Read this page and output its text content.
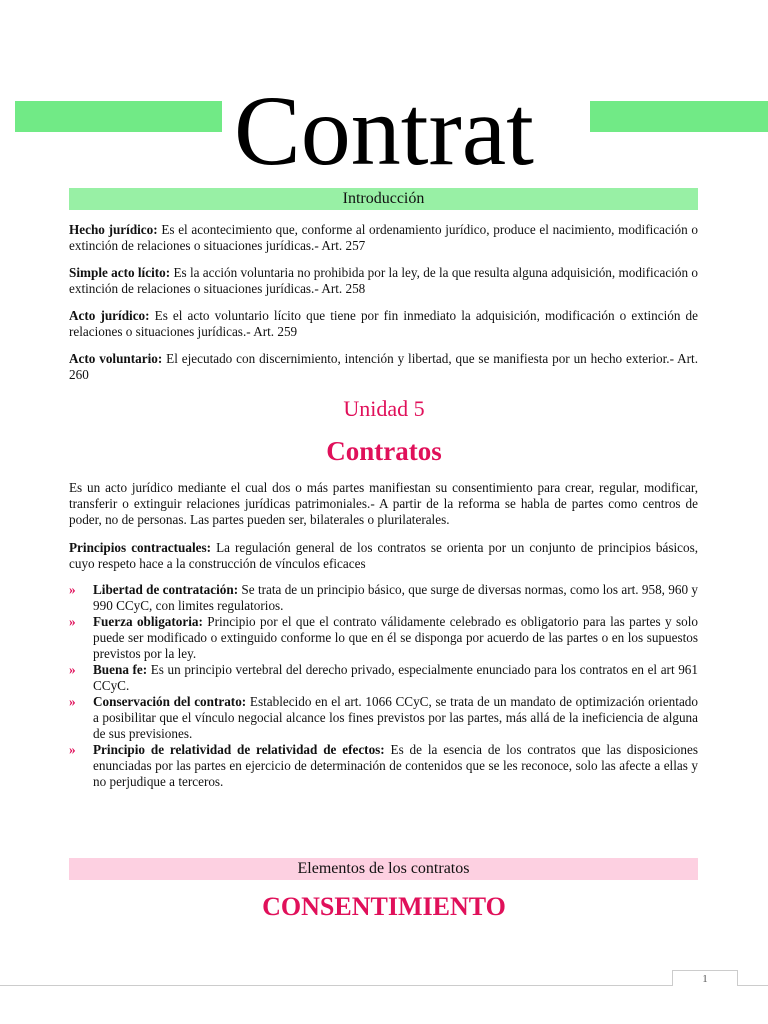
Contrat
Introducción

Hecho jurídico: Es el acontecimiento que, conforme al ordenamiento jurídico, produce el nacimiento, modificación o extinción de relaciones o situaciones jurídicas.- Art. 257

Simple acto lícito: Es la acción voluntaria no prohibida por la ley, de la que resulta alguna adquisición, modificación o extinción de relaciones o situaciones jurídicas.- Art. 258

Acto jurídico: Es el acto voluntario lícito que tiene por fin inmediato la adquisición, modificación o extinción de relaciones o situaciones jurídicas.- Art. 259

Acto voluntario: El ejecutado con discernimiento, intención y libertad, que se manifiesta por un hecho exterior.- Art. 260

Unidad 5
Contratos

Es un acto jurídico mediante el cual dos o más partes manifiestan su consentimiento para crear, regular, modificar, transferir o extinguir relaciones jurídicas patrimoniales.- A partir de la reforma se habla de partes como centros de poder, no de personas. Las partes pueden ser, bilaterales o plurilaterales.

Principios contractuales: La regulación general de los contratos se orienta por un conjunto de principios básicos, cuyo respeto hace a la construcción de vínculos eficaces

» Libertad de contratación: Se trata de un principio básico, que surge de diversas normas, como los art. 958, 960 y 990 CCyC, con limites regulatorios.
» Fuerza obligatoria: Principio por el que el contrato válidamente celebrado es obligatorio para las partes y solo puede ser modificado o extinguido conforme lo que en él se disponga por acuerdo de las partes o en los supuestos previstos por la ley.
» Buena fe: Es un principio vertebral del derecho privado, especialmente enunciado para los contratos en el art 961 CCyC.
» Conservación del contrato: Establecido en el art. 1066 CCyC, se trata de un mandato de optimización orientado a posibilitar que el vínculo negocial alcance los fines previstos por las partes, más allá de la ineficiencia de alguna de sus previsiones.
» Principio de relatividad de relatividad de efectos: Es de la esencia de los contratos que las disposiciones enunciadas por las partes en ejercicio de determinación de contenidos que se les reconoce, solo las afecte a ellas y no perjudique a terceros.
Elementos de los contratos
CONSENTIMIENTO
1
